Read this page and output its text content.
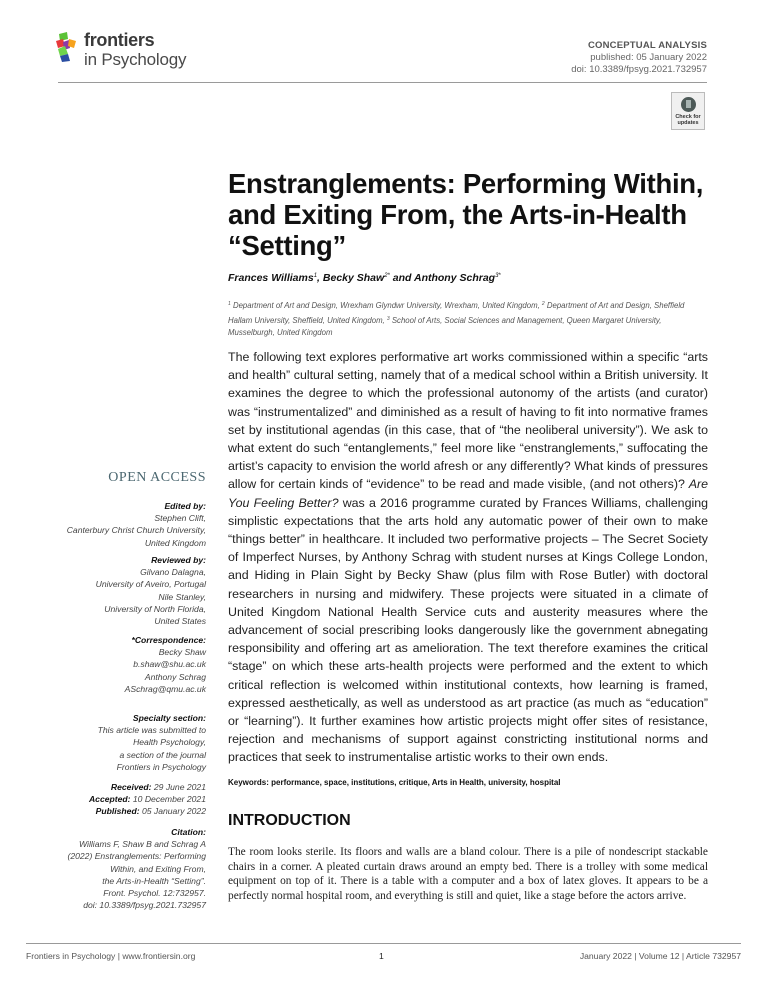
frontiers
in Psychology
CONCEPTUAL ANALYSIS
published: 05 January 2022
doi: 10.3389/fpsyg.2021.732957
Check for
updates
Enstranglements: Performing Within, and Exiting From, the Arts-in-Health “Setting”
Frances Williams$^1$, Becky Shaw$^{2*}$ and Anthony Schrag$^{3*}$
$^1$ Department of Art and Design, Wrexham Glyndwr University, Wrexham, United Kingdom, $^2$ Department of Art and Design, Sheffield Hallam University, Sheffield, United Kingdom, $^3$ School of Arts, Social Sciences and Management, Queen Margaret University, Musselburgh, United Kingdom

The following text explores performative art works commissioned within a specific “arts and health” cultural setting, namely that of a medical school within a British university. It examines the degree to which the professional autonomy of the artists (and curator) was “instrumentalized” and diminished as a result of having to fit into normative frames set by institutional agendas (in this case, that of “the neoliberal university”). We ask to what extent do such “entanglements,” feel more like “enstranglements,” suffocating the artist’s capacity to envision the world afresh or any differently? What kinds of pressures allow for certain kinds of “evidence” to be read and made visible, (and not others)? Are You Feeling Better? was a 2016 programme curated by Frances Williams, challenging simplistic expectations that the arts hold any automatic power of their own to make “things better” in healthcare. It included two performative projects – The Secret Society of Imperfect Nurses, by Anthony Schrag with student nurses at Kings College London, and Hiding in Plain Sight by Becky Shaw (plus film with Rose Butler) with doctoral researchers in nursing and midwifery. These projects were situated in a climate of United Kingdom National Health Service cuts and austerity measures where the advancement of social prescribing looks dangerously like the government abnegating responsibility and offering art as amelioration. The text therefore examines the critical “stage” on which these arts-health projects were performed and the extent to which critical reflection is welcomed within institutional contexts, how learning is framed, expressed aesthetically, as well as understood as art practice (as much as “education” or “learning”). It further examines how artistic projects might offer sites of resistance, rejection and mechanisms of support against constricting institutional norms and practices that seek to instrumentalise artistic works to their own ends.

Keywords: performance, space, institutions, critique, Arts in Health, university, hospital
INTRODUCTION
The room looks sterile. Its floors and walls are a bland colour. There is a pile of nondescript stackable chairs in a corner. A pleated curtain draws around an empty bed. There is a trolley with some medical equipment on top of it. There is a table with a computer and a box of latex gloves. It appears to be a perfectly normal hospital room, and everything is still and quiet, like a stage before the actors arrive.
OPEN ACCESS
Edited by:
Stephen Clift,
Canterbury Christ Church University,
United Kingdom
Reviewed by:
Gilvano Dalagna,
University of Aveiro, Portugal
Nile Stanley,
University of North Florida,
United States
*Correspondence:
Becky Shaw
b.shaw@shu.ac.uk
Anthony Schrag
ASchrag@qmu.ac.uk
Specialty section:
This article was submitted to
Health Psychology,
a section of the journal
Frontiers in Psychology
Received: 29 June 2021
Accepted: 10 December 2021
Published: 05 January 2022
Citation:
Williams F, Shaw B and Schrag A
(2022) Enstranglements: Performing
Within, and Exiting From,
the Arts-in-Health “Setting”.
Front. Psychol. 12:732957.
doi: 10.3389/fpsyg.2021.732957
Frontiers in Psychology | www.frontiersin.org	1	January 2022 | Volume 12 | Article 732957
